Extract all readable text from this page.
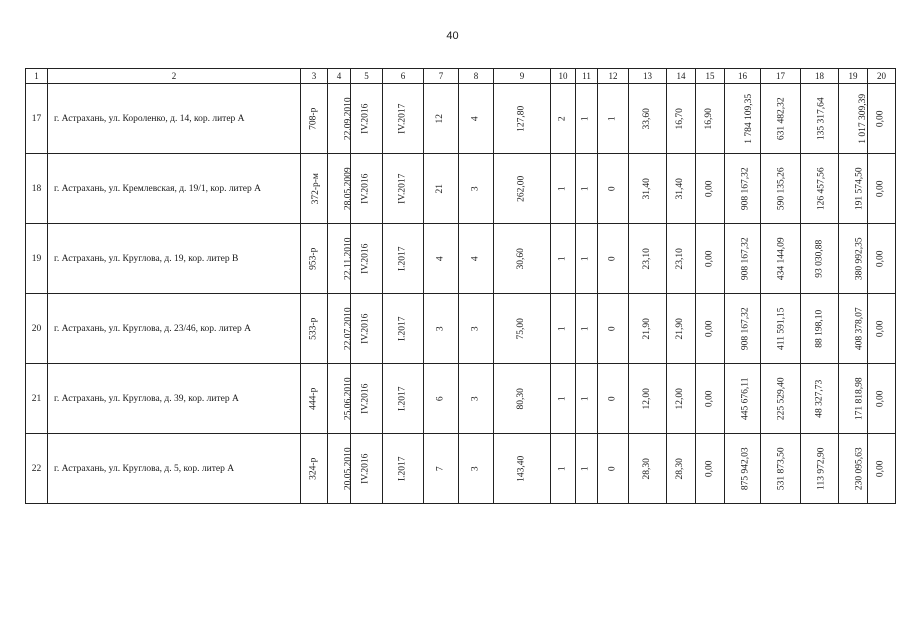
40
1	2	3	4	5	6	7	8	9	10	11	12	13	14	15	16	17	18	19	20
17	г. Астрахань, ул. Короленко, д. 14, кор. литер А	708-р	22.09.2010	IV.2016	IV.2017	12	4	127,80	2	1	1	33,60	16,70	16,90	1 784 109,35	631 482,32	135 317,64	1 017 309,39	0,00
18	г. Астрахань, ул. Кремлевская, д. 19/1, кор. литер А	372-р-м	28.05.2009	IV.2016	IV.2017	21	3	262,00	1	1	0	31,40	31,40	0,00	908 167,32	590 135,26	126 457,56	191 574,50	0,00
19	г. Астрахань, ул. Круглова, д. 19, кор. литер В	953-р	22.11.2010	IV.2016	I.2017	4	4	30,60	1	1	0	23,10	23,10	0,00	908 167,32	434 144,09	93 030,88	380 992,35	0,00
20	г. Астрахань, ул. Круглова, д. 23/46, кор. литер А	533-р	22.07.2010	IV.2016	I.2017	3	3	75,00	1	1	0	21,90	21,90	0,00	908 167,32	411 591,15	88 198,10	408 378,07	0,00
21	г. Астрахань, ул. Круглова, д. 39, кор. литер А	444-р	25.06.2010	IV.2016	I.2017	6	3	80,30	1	1	0	12,00	12,00	0,00	445 676,11	225 529,40	48 327,73	171 818,98	0,00
22	г. Астрахань, ул. Круглова, д. 5, кор. литер А	324-р	20.05.2010	IV.2016	I.2017	7	3	143,40	1	1	0	28,30	28,30	0,00	875 942,03	531 873,50	113 972,90	230 095,63	0,00
